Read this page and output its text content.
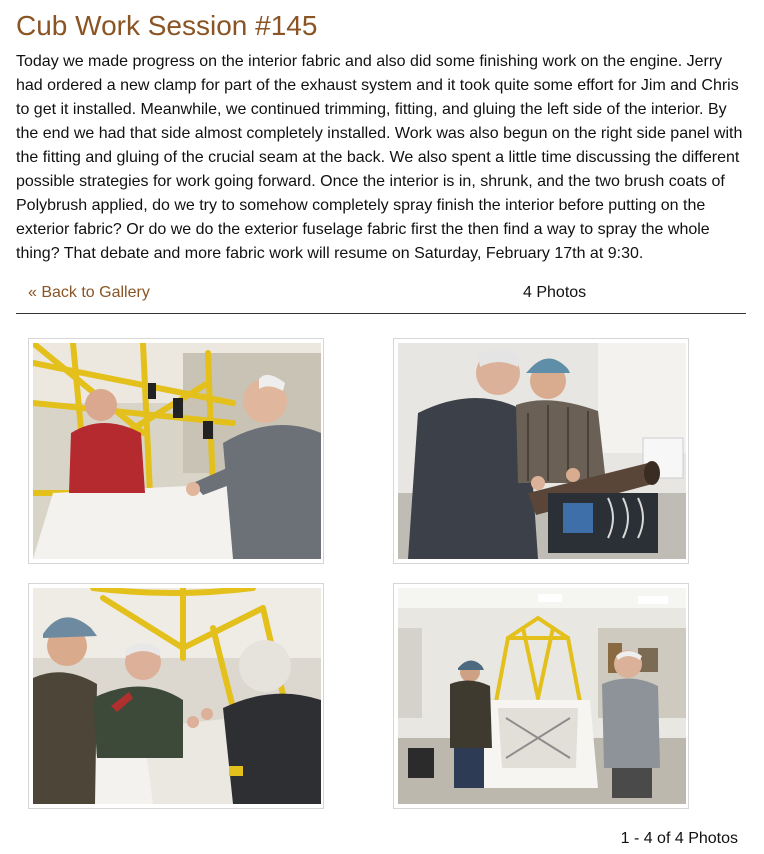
Cub Work Session #145

Today we made progress on the interior fabric and also did some finishing work on the engine. Jerry had ordered a new clamp for part of the exhaust system and it took quite some effort for Jim and Chris to get it installed. Meanwhile, we continued trimming, fitting, and gluing the left side of the interior. By the end we had that side almost completely installed. Work was also begun on the right side panel with the fitting and gluing of the crucial seam at the back. We also spent a little time discussing the different possible strategies for work going forward. Once the interior is in, shrunk, and the two brush coats of Polybrush applied, do we try to somehow completely spray finish the interior before putting on the exterior fabric? Or do we do the exterior fuselage fabric first the then find a way to spray the whole thing? That debate and more fabric work will resume on Saturday, February 17th at 9:30.

« Back to Gallery	4 Photos
1 - 4 of 4 Photos
